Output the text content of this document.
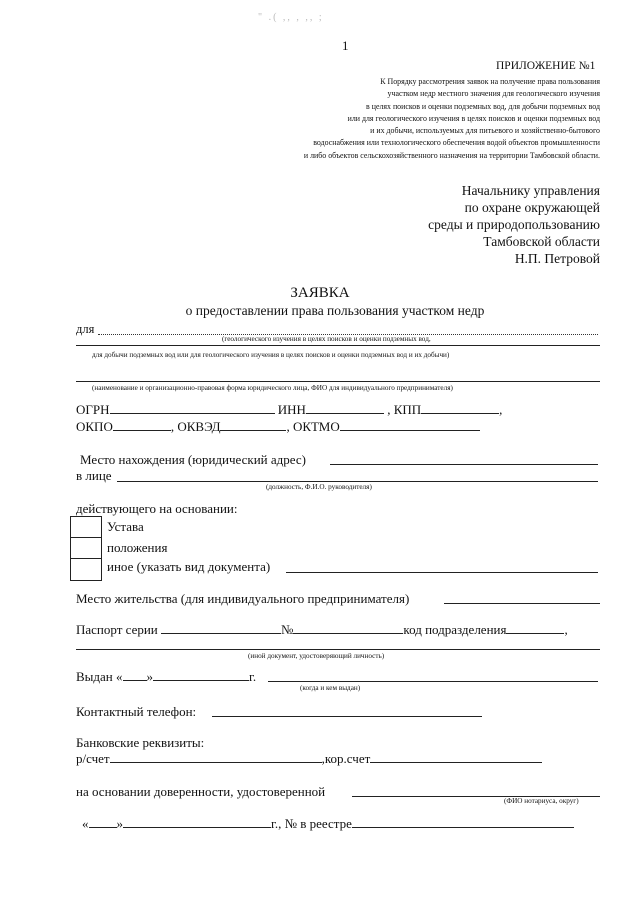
" .( ,, , ,, ;
1
ПРИЛОЖЕНИЕ №1
К Порядку рассмотрения заявок на получение права пользования
участком недр местного значения для геологического изучения
в целях поисков и оценки подземных вод, для добычи подземных вод
или для геологического изучения в целях поисков и оценки подземных вод
и их добычи, используемых для питьевого и хозяйственно-бытового
водоснабжения или технологического обеспечения водой объектов промышленности
и либо объектов сельскохозяйственного назначения на территории Тамбовской области.
Начальнику управления
по охране окружающей
среды и природопользованию
Тамбовской области
Н.П. Петровой
ЗАЯВКА
о предоставлении права пользования участком недр
для
(геологического изучения в целях поисков и оценки подземных вод,
для добычи подземных вод или для геологического изучения в целях поисков и оценки подземных вод и их добычи)
(наименование и организационно-правовая форма юридического лица, ФИО для индивидуального предпринимателя)
ОГРН	ИНН	, КПП	,
ОКПО	, ОКВЭД	, ОКТМО
Место нахождения (юридический адрес)
в лице
(должность, Ф.И.О. руководителя)
действующего на основании:
Устава
положения
иное (указать вид документа)
Место жительства (для индивидуального предпринимателя)
Паспорт серии	№	код подразделения	,
(иной документ, удостоверяющий личность)
Выдан « »	г.
(когда и кем выдан)
Контактный телефон:
Банковские реквизиты:
р/счет	,кор.счет
на основании доверенности, удостоверенной
(ФИО нотариуса, округ)
« »	г., № в реестре
